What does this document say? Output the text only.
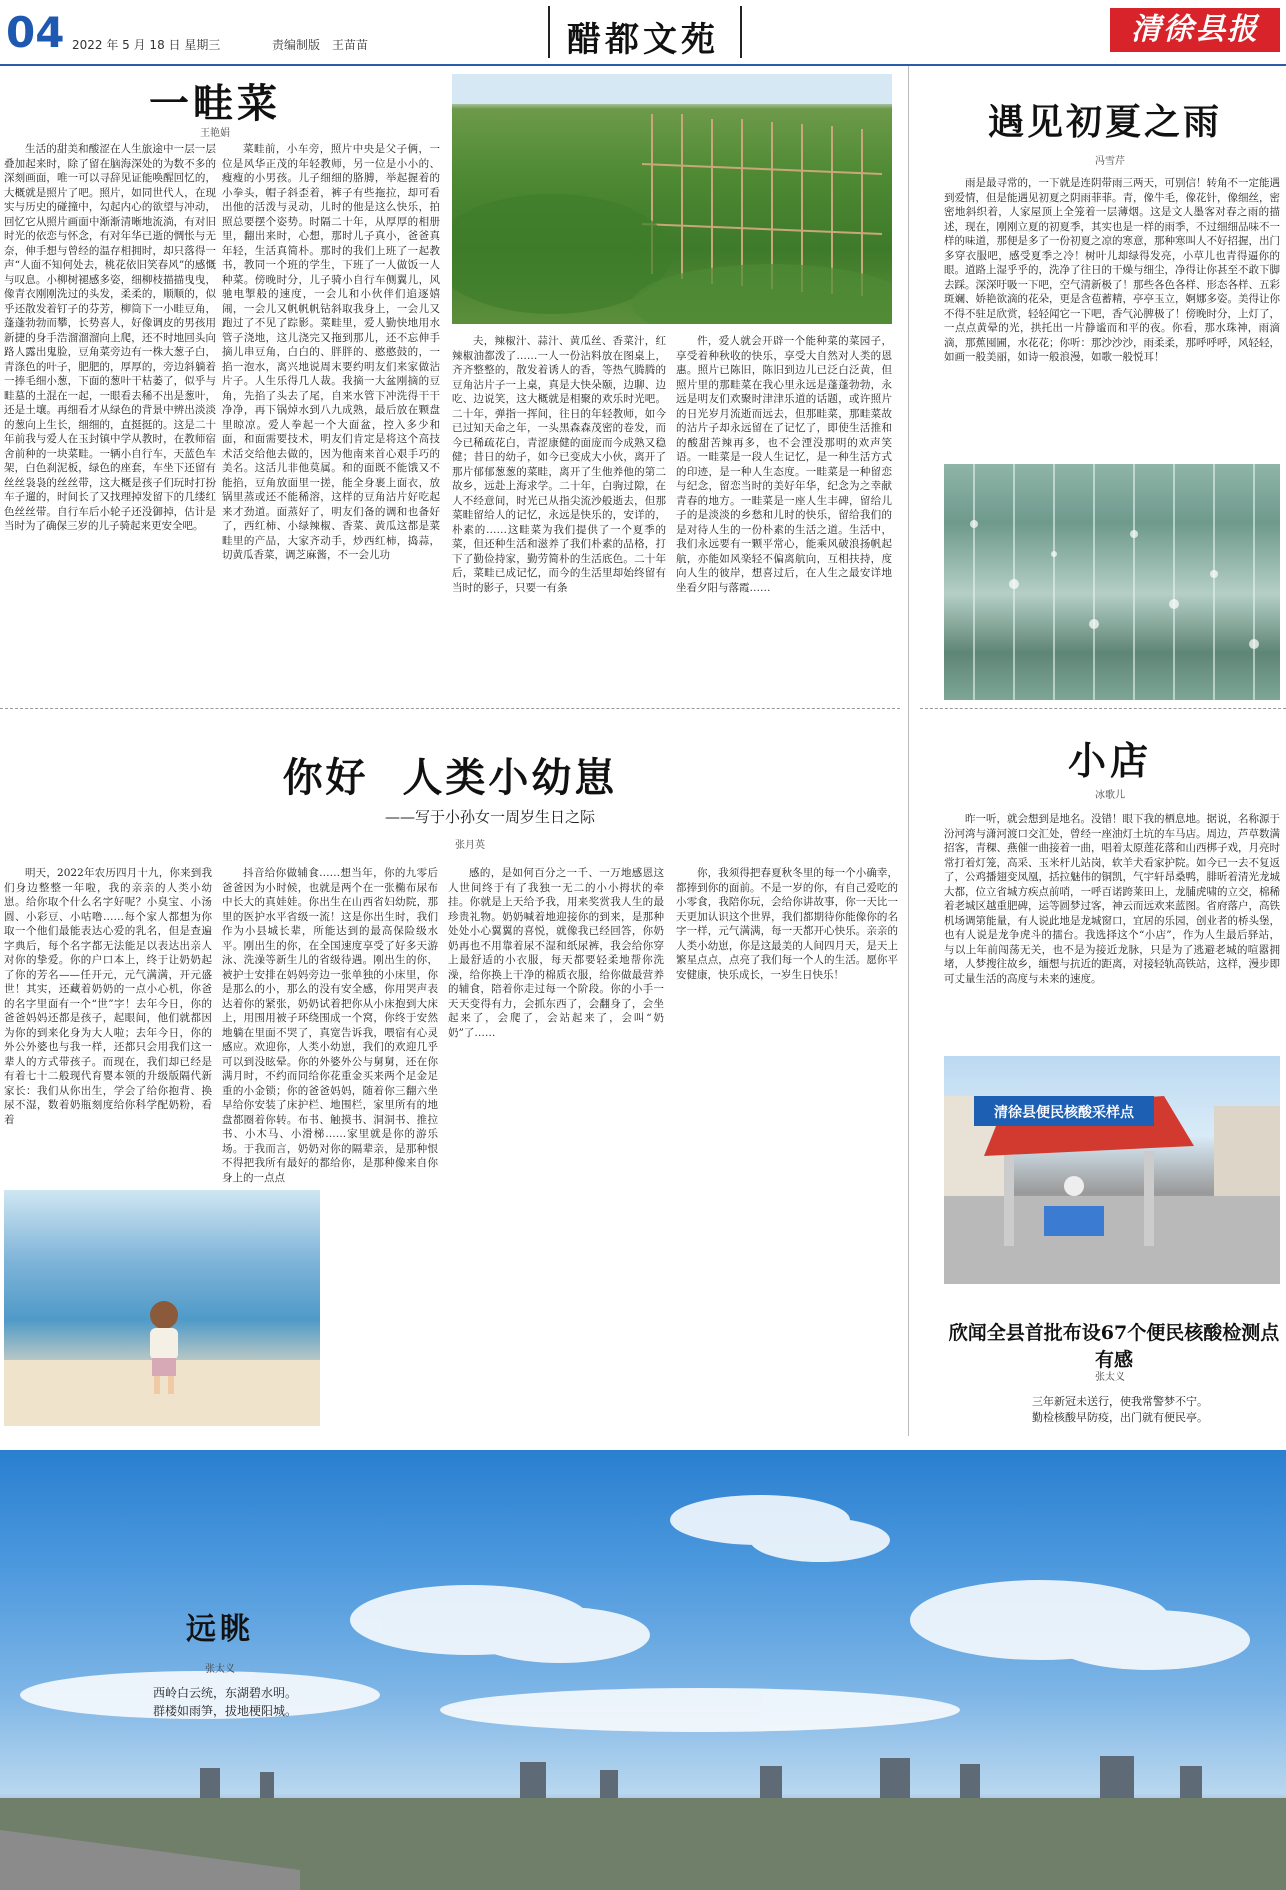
04 2022 年 5 月 18 日 星期三	责编制版 王苗苗	醋都文苑	清徐县报
一畦菜
王艳娟

生活的甜美和酸涩在人生旅途中一层一层叠加起来时，除了留在脑海深处的为数不多的深刻画面，唯一可以寻辞见证能唤醒回忆的，大概就是照片了吧。照片，如同世代人，在现实与历史的碰撞中，勾起内心的欲望与冲动，回忆它从照片画面中渐渐清晰地流淌，有对旧时光的依恋与怀念，有对年华已逝的惆怅与无奈，伸手想与曾经的温存相拥时，却只落得一声“人面不知何处去，桃花依旧笑春风”的感慨与叹息。小柳树褪感多姿，细柳枝描描曳曳，像青衣刚刚洗过的头发，柔柔的，顺顺的，似乎还散发着钉子的芬芳，柳筒下一小畦豆角，蓬蓬勃勃而攀，长势喜人，好像调皮的男孩用新捷的身手浩溜溜溜向上爬，还不时地回头向路人露出鬼脸，豆角菜旁边有一株大葱子白，青涤色的叶子，肥肥的，厚厚的，旁边斜躺着一捧毛细小葱，下面的葱叶干枯萎了，似乎与畦墓的土混在一起，一眼看去稀不出是葱叶，还是土壤。再细看才从绿色的背景中辨出淡淡的葱向上生长，细细的，直挺挺的。这是二十年前我与爱人在玉封镇中学从教时，在教师宿舍前种的一块菜畦。一辆小自行车，天蓝色车架，白色刹泥板，绿色的座套，车坐下还留有丝丝袅袅的丝丝带，这大概是孩子们玩时打扮车子遛的，时间长了又找理掉发留下的几缕红色丝丝带。自行车后小轮子还没御掉，估计是当时为了确保三岁的儿子骑起来更安全吧。

菜畦前，小车旁，照片中央是父子俩，一位是风华正茂的年轻教师，另一位是小小的、瘦瘦的小男孩。儿子细细的胳膊，举起握着的小拳头，帽子斜歪着，裤子有些拖拉，却可看出他的活泼与灵动，儿时的他是这么快乐，拍照总要摆个姿势。时隔二十年，从厚厚的相册里，翻出来时，心想，那时儿子真小，爸爸真年轻，生活真简朴。那时的我们上班了一起教书，教同一个班的学生，下班了一人做饭一人种菜。傍晚时分，儿子骑小自行车侧翼儿，风驰电掣般的速度，一会儿和小伙伴们追逐嬉闹，一会儿又帆帆帆钻斜取我身上，一会儿又跑过了不见了踪影。菜畦里，爱人勤快地用水管子浇地，这儿浇完又拖到那儿，还不忘伸手摘儿串豆角，白白的、胖胖的、憨憨鼓的，一掐一泡水，离兴地说周末要约明友们来家做沾片子。人生乐得几人裁。我摘一大盆刚摘的豆角，先掐了头去了尾，自来水管下冲洗得干干净净，再下锅焯水到八九成熟，最后放在颗盘里晾凉。爱人拳起一个大面盆，控入多少和面，和面需要技术，明友们肯定是将这个高技术活交给他去做的，因为他南来首心艰手巧的美名。这活儿非他莫属。和的面既不能饿又不能掐，豆角放面里一搓，能全身裹上面衣，放锅里蒸或还不能稀溶，这样的豆角沾片好吃起来才劲道。面蒸好了，明友们备的调和也备好了，西红柿、小绿辣椒、香菜、黄瓜这都是菜畦里的产品，大家齐动手，炒西红柿，捣蒜，切黄瓜香菜，调芝麻酱，不一会儿功

夫，辣椒汁、蒜汁、黄瓜丝、香菜汁，红辣椒油都泼了……一人一份沾料放在图桌上，齐齐整整的，散发着诱人的香，等热气腾腾的豆角沾片子一上桌，真是大快朵颐，边聊、边吃、边说笑，这大概就是相聚的欢乐时光吧。二十年，弹指一挥间，往日的年轻教师，如今已过知天命之年，一头黑森森茂密的卷发，而今已稀疏花白，青涩康健的面庞而今成熟又稳健；昔日的幼子，如今已变成大小伙，离开了那片郁郁葱葱的菜畦，离开了生他养他的第二故乡，远赴上海求学。二十年，白驹过隙，在人不经意间，时光已从指尖流沙般逝去，但那菜畦留给人的记忆，永远是快乐的，安详的，朴素的……这畦菜为我们提供了一个夏季的菜，但还种生活和滋养了我们朴素的品格，打下了勤俭持家，勤劳简朴的生活底色。二十年后，菜畦已成记忆，而今的生活里却始终留有当时的影子，只要一有条

件，爱人就会开辟一个能种菜的菜园子，享受着种秋收的快乐，享受大自然对人类的恩惠。照片已陈旧，陈旧到边儿已泛白泛黄，但照片里的那畦菜在我心里永远是蓬蓬勃勃，永远是明友们欢聚时津津乐道的话题，或许照片的日光岁月流逝而远去，但那畦菜，那畦菜故的沾片子却永远留在了记忆了，即使生活推和的酸甜苦辣再多，也不会湮没那明的欢声笑语。一畦菜是一段人生记忆，是一种生活方式的印迹，是一种人生态度。一畦菜是一种留恋与纪念，留恋当时的美好年华，纪念为之幸献青春的地方。一畦菜是一座人生丰碑，留给儿子的是淡淡的乡愁和儿时的快乐，留给我们的是对待人生的一份朴素的生活之道。生活中，我们永远要有一颗平常心，能乘风破浪扬帆起航，亦能如风楽轻不偏离航向，互相扶持，度向人生的彼岸，想喜过后，在人生之最安详地坐看夕阳与落霞……

遇见初夏之雨
冯雪芹

雨是最寻常的，一下就是连阴带雨三两天，可别信！转角不一定能遇到爱情，但是能遇见初夏之阴雨菲菲。青，像牛毛，像花针，像细丝，密密地斜织着，人家屋顶上全笼着一层薄烟。这是文人墨客对春之雨的描述，现在，刚刚立夏的初夏季，其实也是一样的雨季，不过细细品味不一样的味道，那便是多了一份初夏之凉的寒意，那种寒叫人不好招握，出门多穿衣服吧，感受夏季之冷！树叶儿却绿得发亮，小草儿也青得逼你的眼。道路上湿乎乎的，洗净了往日的干燥与细尘，净得让你甚至不敢下脚去踩。深深吁吸一下吧，空气清新极了！那些各色各样、形态各样、五彩斑斓、娇艳欲滴的花朵，更是含苞蓄精，亭亭玉立，婀娜多姿。美得让你不得不驻足欣赏，轻轻闻它一下吧，香气沁脾极了！傍晚时分，上灯了，一点点黄晕的光，拱托出一片静谧而和平的夜。你看，那水珠神，雨滴滴，那蕉囤圃，水花花；你听：那沙沙沙，雨柔柔，那呼呼呼，风轻轻，如画一般美丽，如诗一般浪漫，如歌一般悦耳！

你好  人类小幼崽
——写于小孙女一周岁生日之际
张月英

明天，2022年农历四月十九，你来到我们身边整整一年啦，我的亲亲的人类小幼崽。给你取个什么名字好呢？小臭宝、小汤圆、小彩豆、小咕噜……每个家人都想为你取一个他们最能表达心爱的乳名，但是查遍字典后，每个名字都无法能足以表达出亲人对你的挚爱。你的户口本上，终于让奶奶起了你的芳名——任开元，元气满满，开元盛世！其实，还藏着奶奶的一点小心机，你爸的名字里面有一个“世”字！去年今日，你的爸爸妈妈还都是孩子，起眼间，他们就都因为你的到来化身为大人啦；去年今日，你的外公外婆也与我一样，还都只会用我们这一辈人的方式带孩子。而现在，我们却已经是有着七十二般现代育婴本领的升级版隔代新家长：我们从你出生，学会了给你抱背、换尿不湿，数着奶瓶刻度给你科学配奶粉，看着

抖音给你做辅食……想当年，你的九零后爸爸因为小时候，也就是两个在一张椭布尿布中长大的真娃娃。你出生在山西省妇幼院，那里的医护水平省级一流！这是你出生时，我们作为小县城长辈，所能达到的最高保险级水平。刚出生的你，在全国速度享受了好多天游泳、洗澡等新生儿的省级待遇。刚出生的你，被护士安排在妈妈旁边一张单独的小床里，你是那么的小，那么的没有安全感，你用哭声表达着你的紧张，奶奶试着把你从小床抱到大床上，用围用被子环绕围成一个窝，你终于安然地躺在里面不哭了，真宽告诉我，喂宿有心灵感应。欢迎你，人类小幼崽，我们的欢迎几乎可以到没眩晕。你的外婆外公与舅舅，还在你满月时，不约而同给你花重金买来两个足金足重的小金锁；你的爸爸妈妈，随着你三翻六坐早给你安装了床护栏、地围栏，家里所有的地盘都圈着你转。布书、触摸书、洞洞书、推拉书、小木马、小滑梯……家里就是你的游乐场。于我而言，奶奶对你的隔辈亲，是那种恨不得把我所有最好的都给你，是那种像来自你身上的一点点

感的，是如何百分之一千、一万地感恩这人世间终于有了我独一无二的小小拇状的牵挂。你就是上天给予我，用来奖赏我人生的最珍贵礼物。奶奶喊着地迎接你的到来，是那种处处小心翼翼的喜悦，就像我已经回答，你奶奶再也不用靠着尿不湿和纸尿裤，我会给你穿上最舒适的小衣服，每天都要轻柔地帮你洗澡，给你换上干净的棉质衣服，给你做最营养的辅食，陪着你走过每一个阶段。你的小手一天天变得有力，会抓东西了，会翻身了，会坐起来了，会爬了，会站起来了，会叫“奶奶”了……

你，我须得把春夏秋冬里的每一个小确幸，都捧到你的面前。不是一岁的你，有自己爱吃的小零食，我陪你玩，会给你讲故事，你一天比一天更加认识这个世界，我们都期待你能像你的名字一样，元气满满，每一天都开心快乐。亲亲的人类小幼崽，你是这最美的人间四月天，是天上繁星点点，点亮了我们每一个人的生活。愿你平安健康，快乐成长，一岁生日快乐！

小店
冰歌儿

昨一听，就会想到是地名。没错！眼下我的栖息地。据说，名称源于汾河湾与潇河渡口交汇处，曾经一座油灯土坑的车马店。周边，芦草数满招客，青稞、燕催一曲接着一曲，唱着太原莲花落和山西梆子戏，月亮时常打着灯笼，高采、玉米杆儿站岗，软羊犬看家护院。如今已一去不复返了，公鸡播翅变凤凰，括拉魅伟的铜凯，气宇轩昂桑鸭，腓昕着清光龙城大都，位立省城方疾点前哨，一呼百诺跨莱田上，龙脯虎啸的立交，棉稀着老城区越重肥碑，运等圆梦过客，神云而远欢来蓝图。省府落户，高铁机场调第能量，有人说此地是龙城窗口，宜居的乐园，创业者的桥头堡，也有人说是龙争虎斗的擂台。我选择这个“小店”，作为人生最后驿站，与以上年前闯荡无关，也不是为接近龙脉，只是为了逃避老城的喧嚣拥堵，人梦搜往故乡，缅想与抗近的距离，对接轻轨高铁站，这样，漫步即可丈量生活的高度与未来的速度。

清徐县便民核酸采样点
欣闻全县首批布设67个便民核酸检测点有感
张太义
三年新冠未送行，使我常警梦不宁。
勤检核酸早防疫，出门就有便民亭。
远眺
张太义
西岭白云统，东湖碧水明。
群楼如雨笋，拔地梗阳城。
